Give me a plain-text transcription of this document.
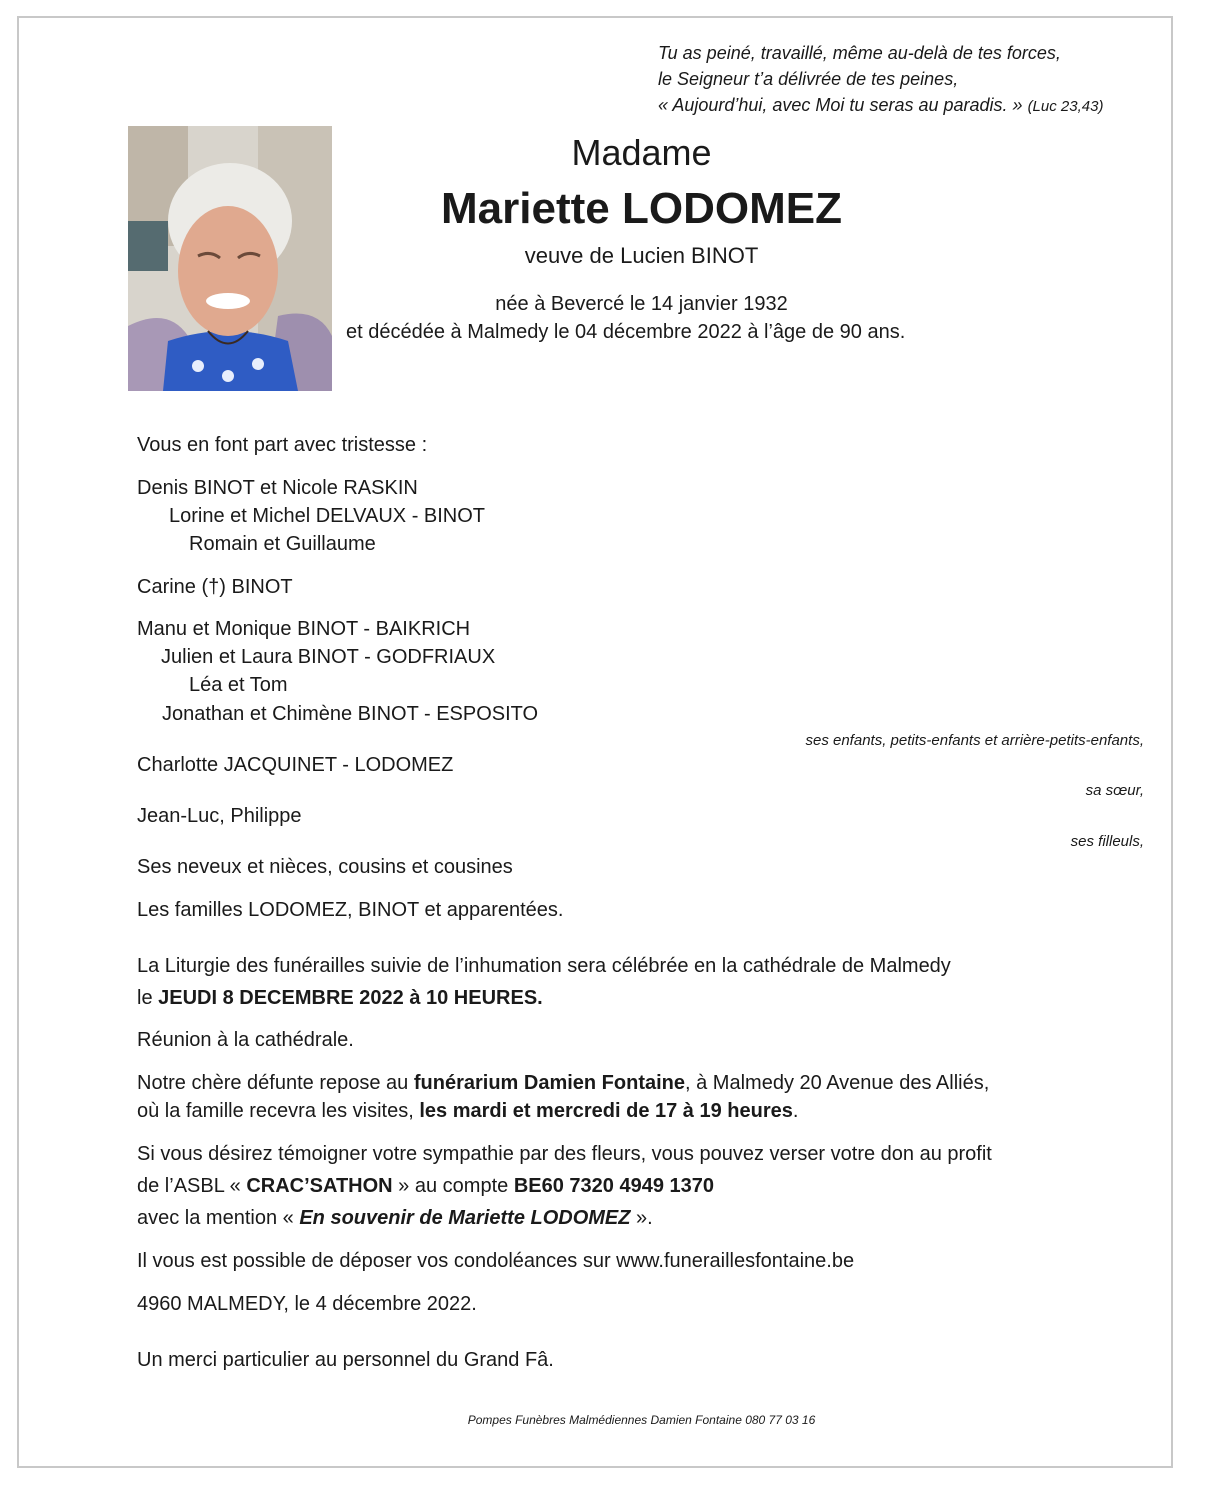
Tu as peiné, travaillé, même au-delà de tes forces,
le Seigneur t’a délivrée de tes peines,
« Aujourd’hui, avec Moi tu seras au paradis. » (Luc 23,43)
Madame
Mariette LODOMEZ
veuve de Lucien BINOT
née à Bevercé le 14 janvier 1932
et décédée à Malmedy le 04 décembre 2022 à l’âge de 90 ans.
Vous en font part avec tristesse :
Denis BINOT et Nicole RASKIN
Lorine et Michel DELVAUX - BINOT
Romain et Guillaume
Carine (†) BINOT
Manu et Monique BINOT - BAIKRICH
Julien et Laura BINOT - GODFRIAUX
Léa et Tom
Jonathan et Chimène BINOT - ESPOSITO
ses enfants, petits-enfants et arrière-petits-enfants,
Charlotte JACQUINET - LODOMEZ
sa sœur,
Jean-Luc, Philippe
ses filleuls,
Ses neveux et nièces, cousins et cousines
Les familles LODOMEZ, BINOT et apparentées.
La Liturgie des funérailles suivie de l’inhumation sera célébrée en la cathédrale de Malmedy
le JEUDI 8 DECEMBRE 2022 à 10 HEURES.
Réunion à la cathédrale.
Notre chère défunte repose au funérarium Damien Fontaine, à Malmedy 20 Avenue des Alliés,
où la famille recevra les visites, les mardi et mercredi de 17 à 19 heures.
Si vous désirez témoigner votre sympathie par des fleurs, vous pouvez verser votre don au profit
de l’ASBL « CRAC’SATHON » au compte BE60 7320 4949 1370
avec la mention « En souvenir de Mariette LODOMEZ ».
Il vous est possible de déposer vos condoléances sur www.funeraillesfontaine.be
4960 MALMEDY, le 4 décembre 2022.
Un merci particulier au personnel du Grand Fâ.
Pompes Funèbres Malmédiennes Damien Fontaine 080 77 03 16
